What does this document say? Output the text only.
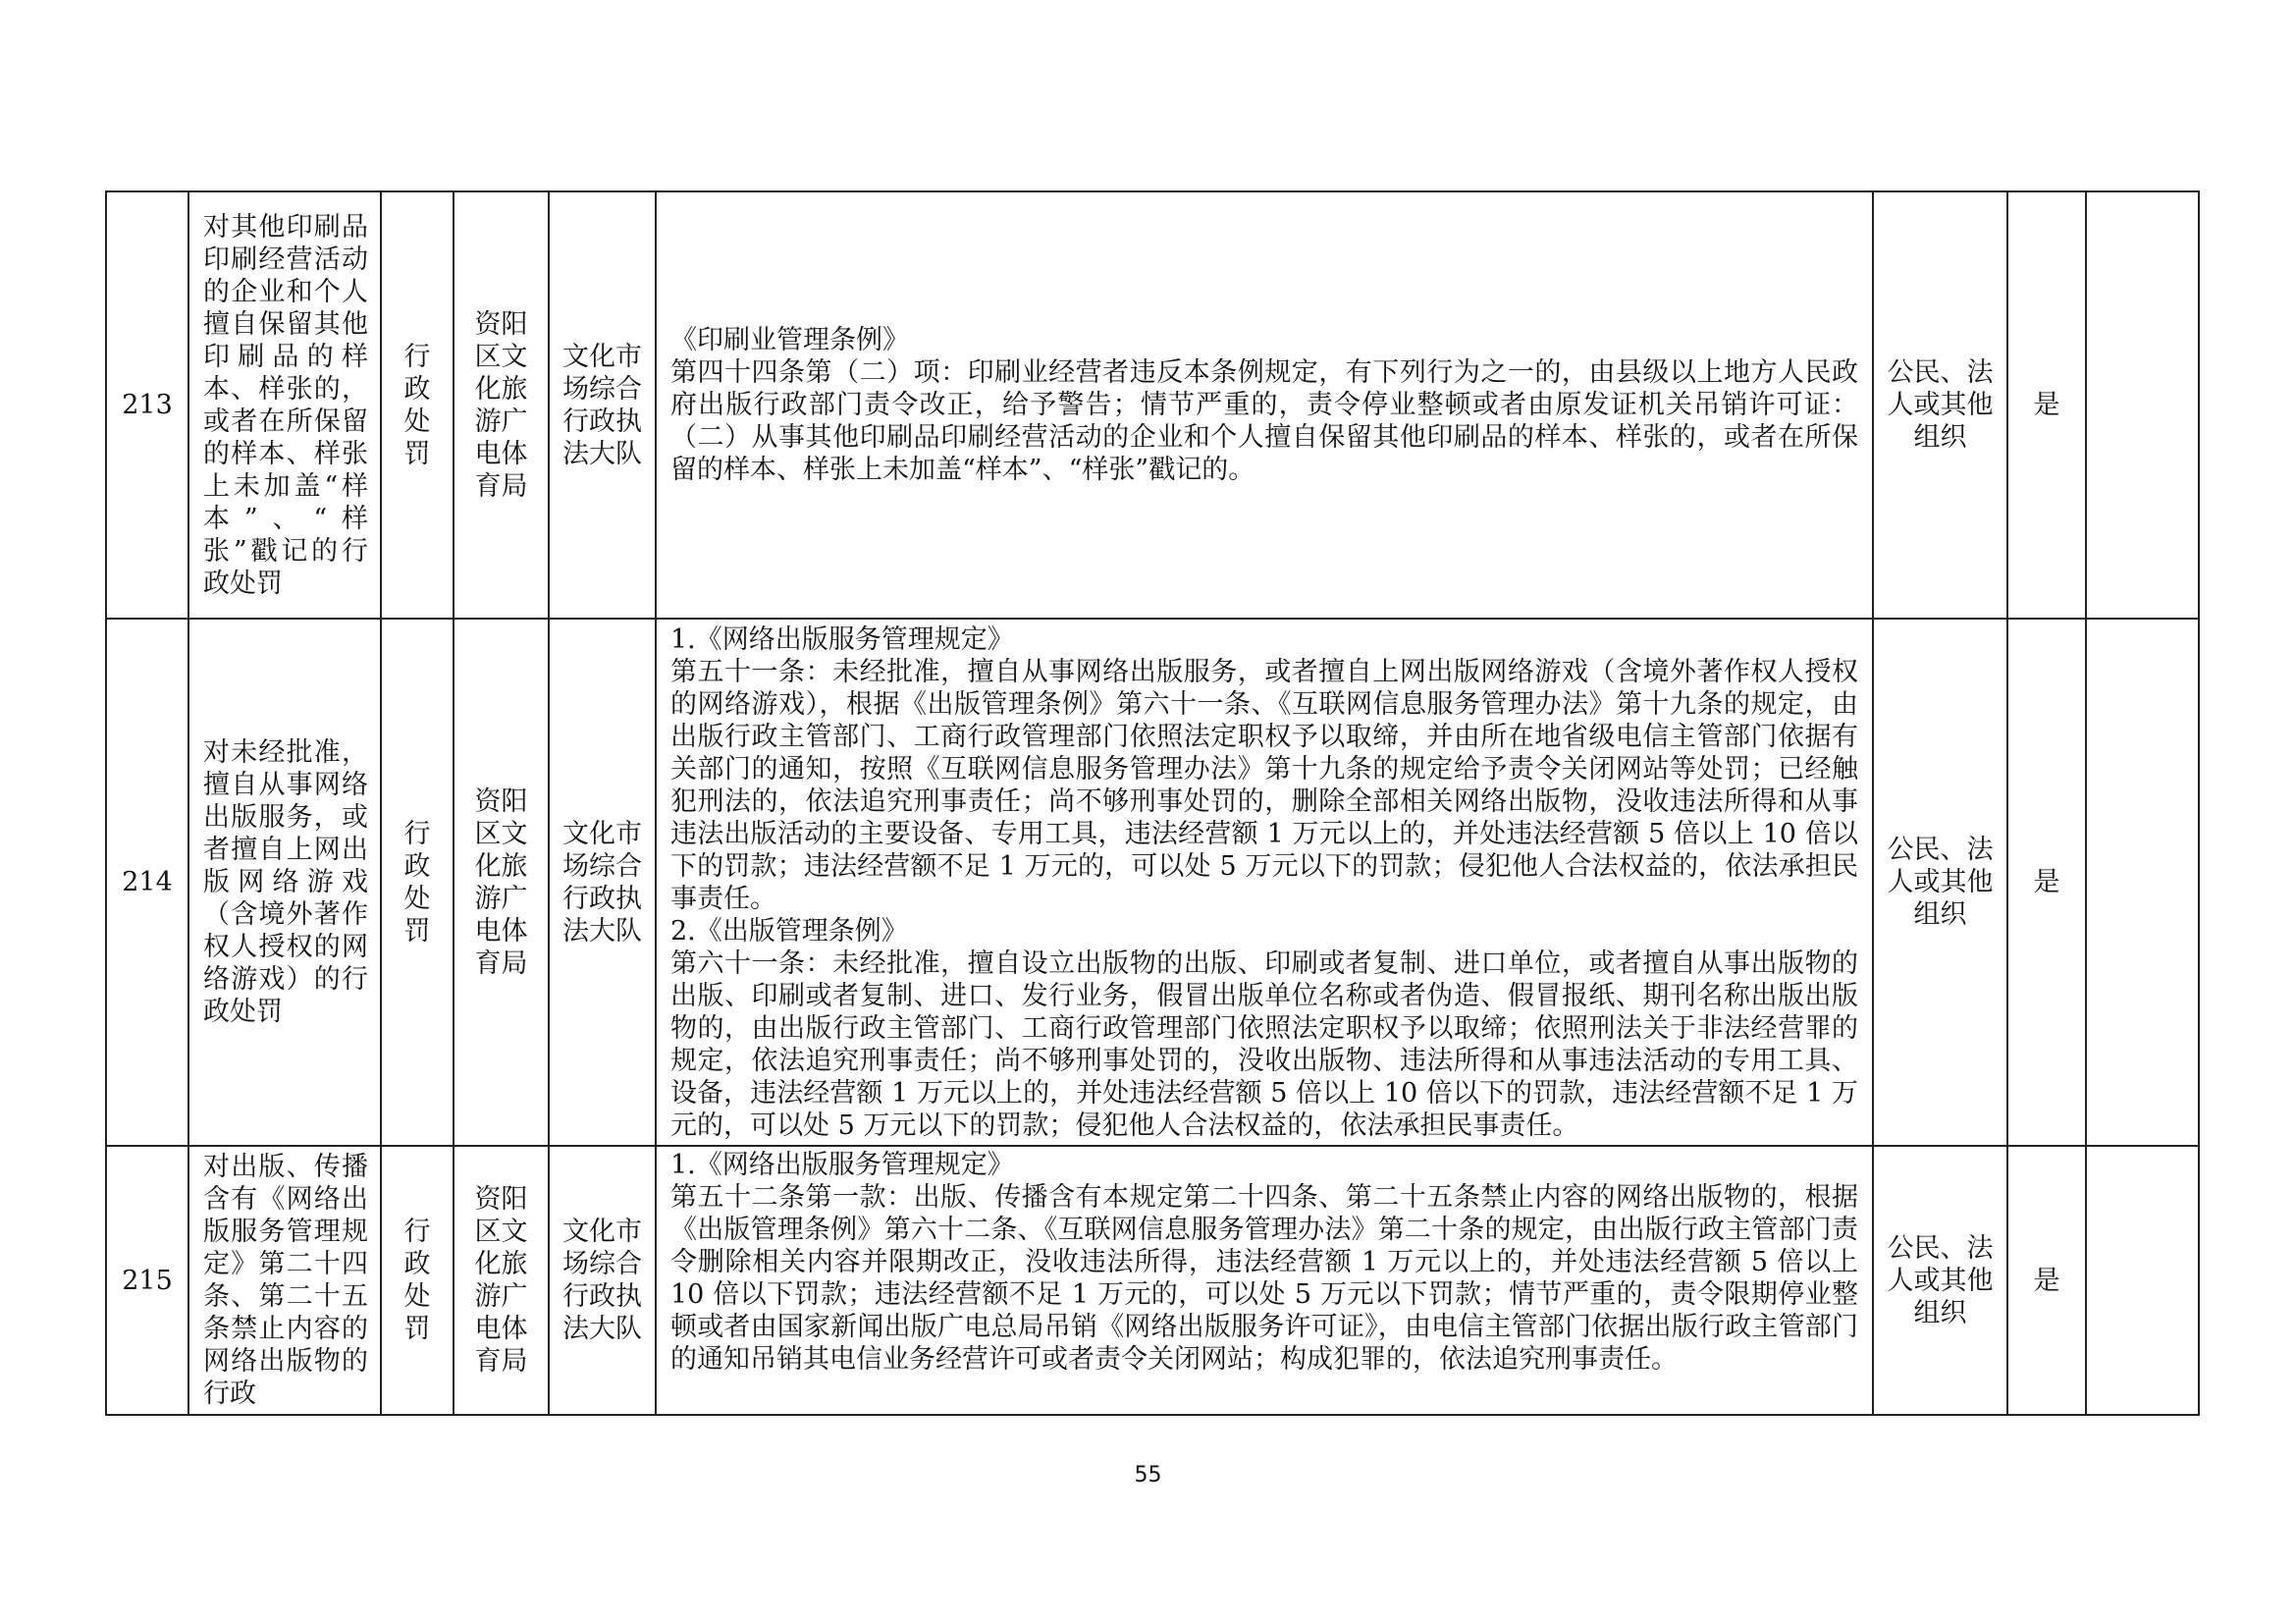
213	对其他印刷品印刷经营活动的企业和个人擅自保留其他印刷品的样本、样张的，或者在所保留的样本、样张上未加盖“样本”、“样张”戳记的行政处罚	行政处罚	资阳区文化旅游广电体育局	文化市场综合行政执法大队	《印刷业管理条例》
第四十四条第（二）项：印刷业经营者违反本条例规定，有下列行为之一的，由县级以上地方人民政府出版行政部门责令改正，给予警告；情节严重的，责令停业整顿或者由原发证机关吊销许可证：（二）从事其他印刷品印刷经营活动的企业和个人擅自保留其他印刷品的样本、样张的，或者在所保留的样本、样张上未加盖“样本”、“样张”戳记的。	公民、法人或其他组织	是	
214	对未经批准，擅自从事网络出版服务，或者擅自上网出版网络游戏（含境外著作权人授权的网络游戏）的行政处罚	行政处罚	资阳区文化旅游广电体育局	文化市场综合行政执法大队	1.《网络出版服务管理规定》
第五十一条：未经批准，擅自从事网络出版服务，或者擅自上网出版网络游戏（含境外著作权人授权的网络游戏），根据《出版管理条例》第六十一条、《互联网信息服务管理办法》第十九条的规定，由出版行政主管部门、工商行政管理部门依照法定职权予以取缔，并由所在地省级电信主管部门依据有关部门的通知，按照《互联网信息服务管理办法》第十九条的规定给予责令关闭网站等处罚；已经触犯刑法的，依法追究刑事责任；尚不够刑事处罚的，删除全部相关网络出版物，没收违法所得和从事违法出版活动的主要设备、专用工具，违法经营额 1 万元以上的，并处违法经营额 5 倍以上 10 倍以下的罚款；违法经营额不足 1 万元的，可以处 5 万元以下的罚款；侵犯他人合法权益的，依法承担民事责任。
2.《出版管理条例》
第六十一条：未经批准，擅自设立出版物的出版、印刷或者复制、进口单位，或者擅自从事出版物的出版、印刷或者复制、进口、发行业务，假冒出版单位名称或者伪造、假冒报纸、期刊名称出版出版物的，由出版行政主管部门、工商行政管理部门依照法定职权予以取缔；依照刑法关于非法经营罪的规定，依法追究刑事责任；尚不够刑事处罚的，没收出版物、违法所得和从事违法活动的专用工具、设备，违法经营额 1 万元以上的，并处违法经营额 5 倍以上 10 倍以下的罚款，违法经营额不足 1 万元的，可以处 5 万元以下的罚款；侵犯他人合法权益的，依法承担民事责任。	公民、法人或其他组织	是	
215	对出版、传播含有《网络出版服务管理规定》第二十四条、第二十五条禁止内容的网络出版物的行政	行政处罚	资阳区文化旅游广电体育局	文化市场综合行政执法大队	1.《网络出版服务管理规定》
第五十二条第一款：出版、传播含有本规定第二十四条、第二十五条禁止内容的网络出版物的，根据《出版管理条例》第六十二条、《互联网信息服务管理办法》第二十条的规定，由出版行政主管部门责令删除相关内容并限期改正，没收违法所得，违法经营额 1 万元以上的，并处违法经营额 5 倍以上 10 倍以下罚款；违法经营额不足 1 万元的，可以处 5 万元以下罚款；情节严重的，责令限期停业整顿或者由国家新闻出版广电总局吊销《网络出版服务许可证》，由电信主管部门依据出版行政主管部门的通知吊销其电信业务经营许可或者责令关闭网站；构成犯罪的，依法追究刑事责任。	公民、法人或其他组织	是	
55
